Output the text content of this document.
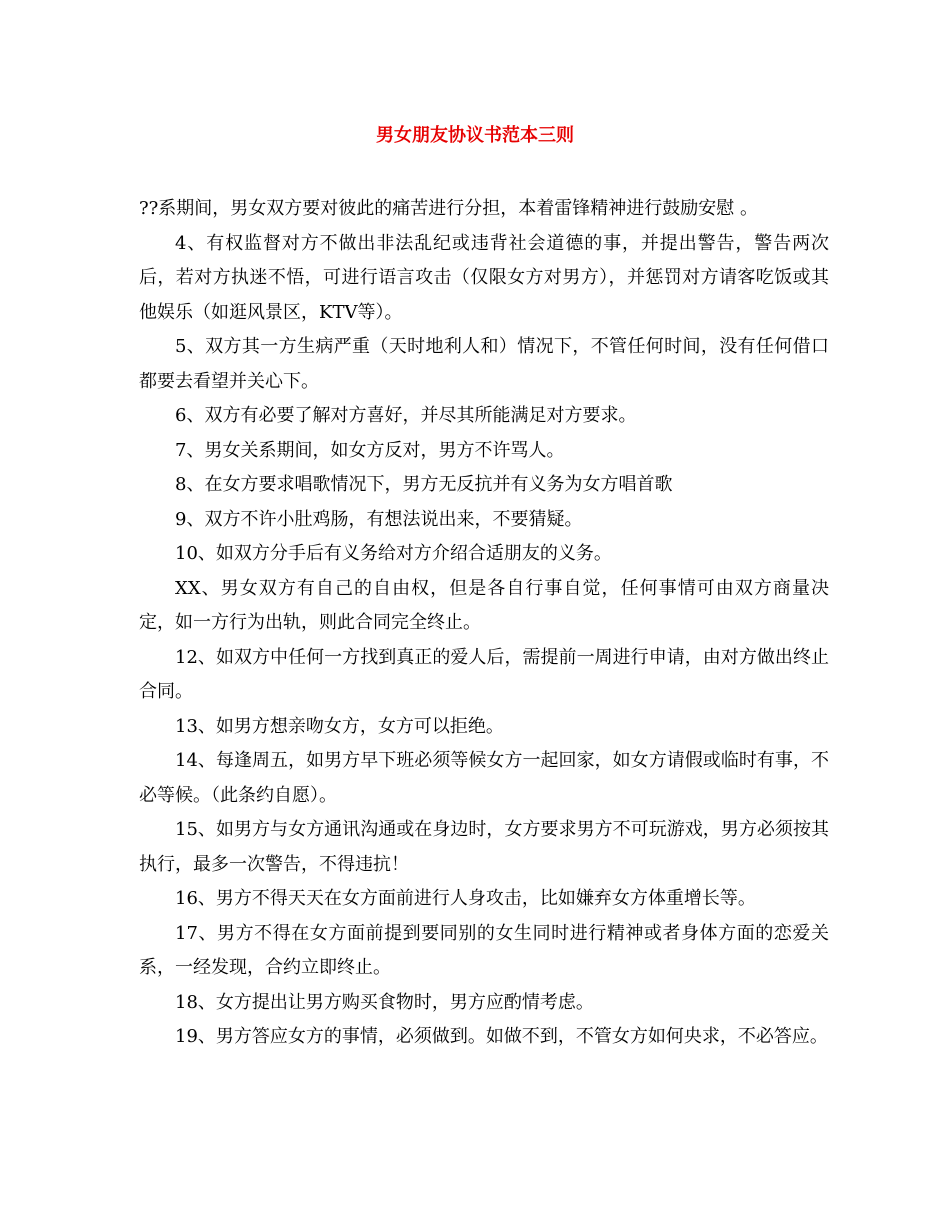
男女朋友协议书范本三则

??系期间，男女双方要对彼此的痛苦进行分担，本着雷锋精神进行鼓励安慰 。

4、有权监督对方不做出非法乱纪或违背社会道德的事，并提出警告，警告两次后，若对方执迷不悟，可进行语言攻击（仅限女方对男方），并惩罚对方请客吃饭或其他娱乐（如逛风景区，KTV等）。

5、双方其一方生病严重（天时地利人和）情况下，不管任何时间，没有任何借口都要去看望并关心下。

6、双方有必要了解对方喜好，并尽其所能满足对方要求。

7、男女关系期间，如女方反对，男方不许骂人。

8、在女方要求唱歌情况下，男方无反抗并有义务为女方唱首歌

9、双方不许小肚鸡肠，有想法说出来，不要猜疑。

10、如双方分手后有义务给对方介绍合适朋友的义务。

XX、男女双方有自己的自由权，但是各自行事自觉，任何事情可由双方商量决定，如一方行为出轨，则此合同完全终止。

12、如双方中任何一方找到真正的爱人后，需提前一周进行申请，由对方做出终止合同。

13、如男方想亲吻女方，女方可以拒绝。

14、每逢周五，如男方早下班必须等候女方一起回家，如女方请假或临时有事，不必等候。（此条约自愿）。

15、如男方与女方通讯沟通或在身边时，女方要求男方不可玩游戏，男方必须按其执行，最多一次警告，不得违抗！

16、男方不得天天在女方面前进行人身攻击，比如嫌弃女方体重增长等。

17、男方不得在女方面前提到要同别的女生同时进行精神或者身体方面的恋爱关系，一经发现，合约立即终止。

18、女方提出让男方购买食物时，男方应酌情考虑。

19、男方答应女方的事情，必须做到。如做不到，不管女方如何央求，不必答应。
